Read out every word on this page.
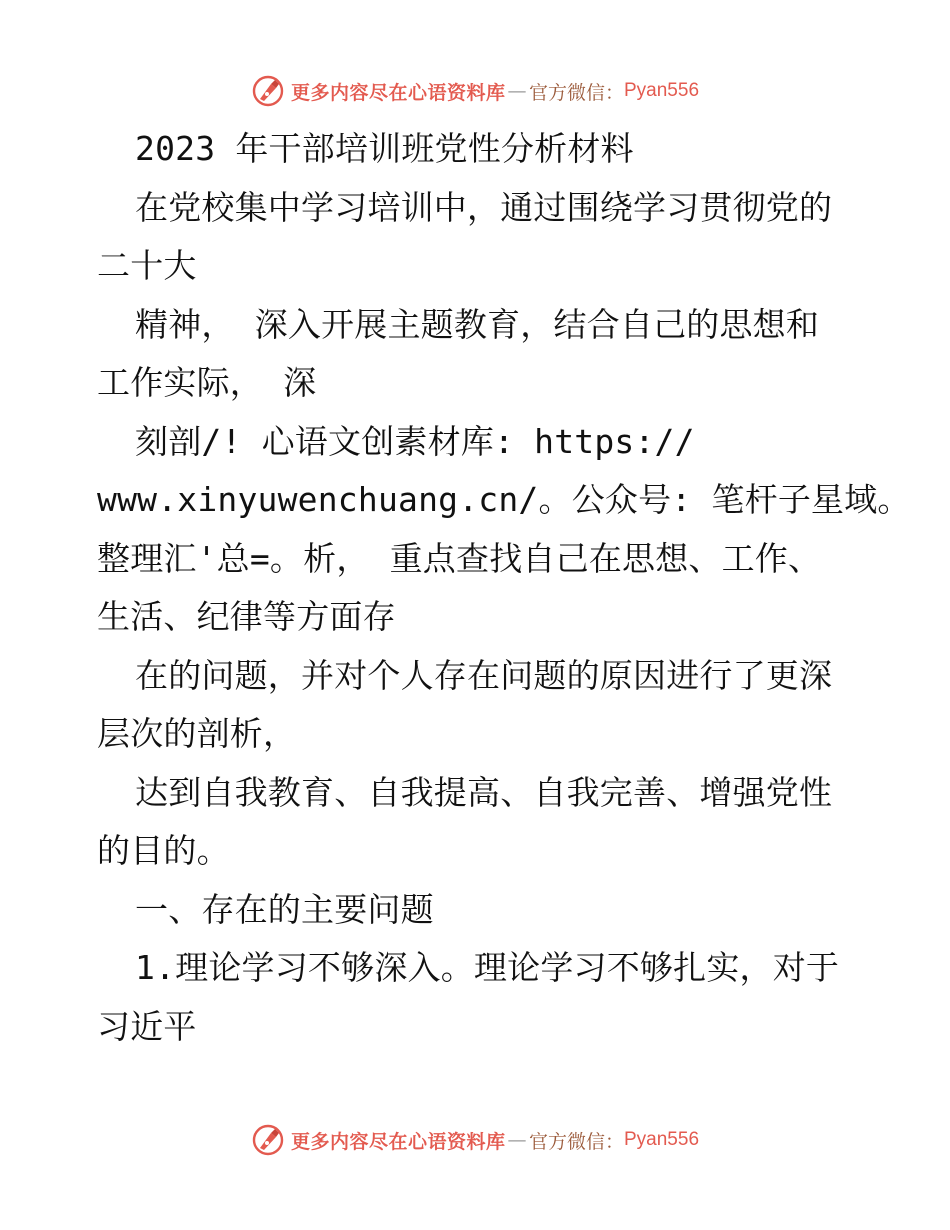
更多内容尽在心语资料库 — 官方微信： Pyan556
2023 年干部培训班党性分析材料
在党校集中学习培训中，通过围绕学习贯彻党的
二十大
精神， 深入开展主题教育，结合自己的思想和
工作实际， 深
刻剖/! 心语文创素材库: https://
www.xinyuwenchuang.cn/。公众号: 笔杆子星域。
整理汇'总=。析， 重点查找自己在思想、工作、
生活、纪律等方面存
在的问题，并对个人存在问题的原因进行了更深
层次的剖析，
达到自我教育、自我提高、自我完善、增强党性
的目的。
一、存在的主要问题
1.理论学习不够深入。理论学习不够扎实，对于
习近平
更多内容尽在心语资料库 — 官方微信： Pyan556
